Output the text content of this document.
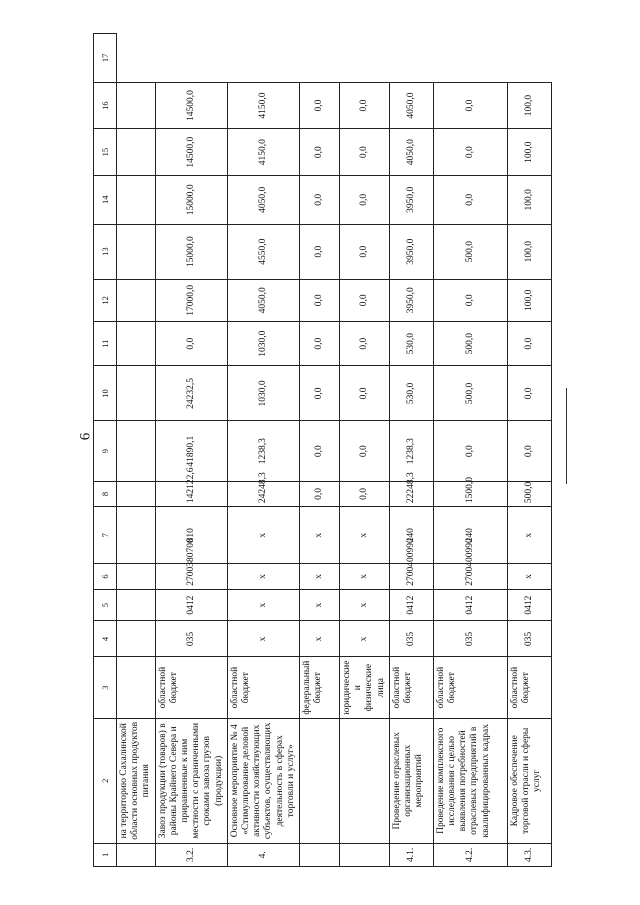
6
1	2	3	4	5	6	7	8	9	10	11	12	13	14	15	16	17
	на территорию Сахалинской области основных продуктов питания															
3.2.	Завоз продукции (товаров) в районы Крайнего Севера и приравненные к ним местности с ограниченными сроками завоза грузов (продукции)	областной бюджет	035	0412	2700380700	810	142122,6	41890,1	24232,5	0,0	17000,0	15000,0	15000,0	14500,0	14500,0	
4.	Основное мероприятие № 4 «Стимулирование деловой активности хозяйствующих субъектов, осуществляющих деятельность в сферах торговли и услуг»	областной бюджет	х	х	х	х	24248,3	1238,3	1030,0	1030,0	4050,0	4550,0	4050,0	4150,0	4150,0	
		федеральный бюджет	х	х	х	х	0,0	0,0	0,0	0,0	0,0	0,0	0,0	0,0	0,0	
		юридические и физические лица	х	х	х	х	0,0	0,0	0,0	0,0	0,0	0,0	0,0	0,0	0,0	
4.1.	Проведение отраслевых организационных мероприятий	областной бюджет	035	0412	2700400990	240	22248,3	1238,3	530,0	530,0	3950,0	3950,0	3950,0	4050,0	4050,0	
4.2.	Проведение комплексного исследования с целью выявления потребностей отраслевых предприятий в квалифицированных кадрах	областной бюджет	035	0412	2700400990	240	1500,0	0,0	500,0	500,0	0,0	500,0	0,0	0,0	0,0	
4.3.	Кадровое обеспечение торговой отрасли и сферы услуг	областной бюджет	035	0412	х	х	500,0	0,0	0,0	0,0	100,0	100,0	100,0	100,0	100,0	
